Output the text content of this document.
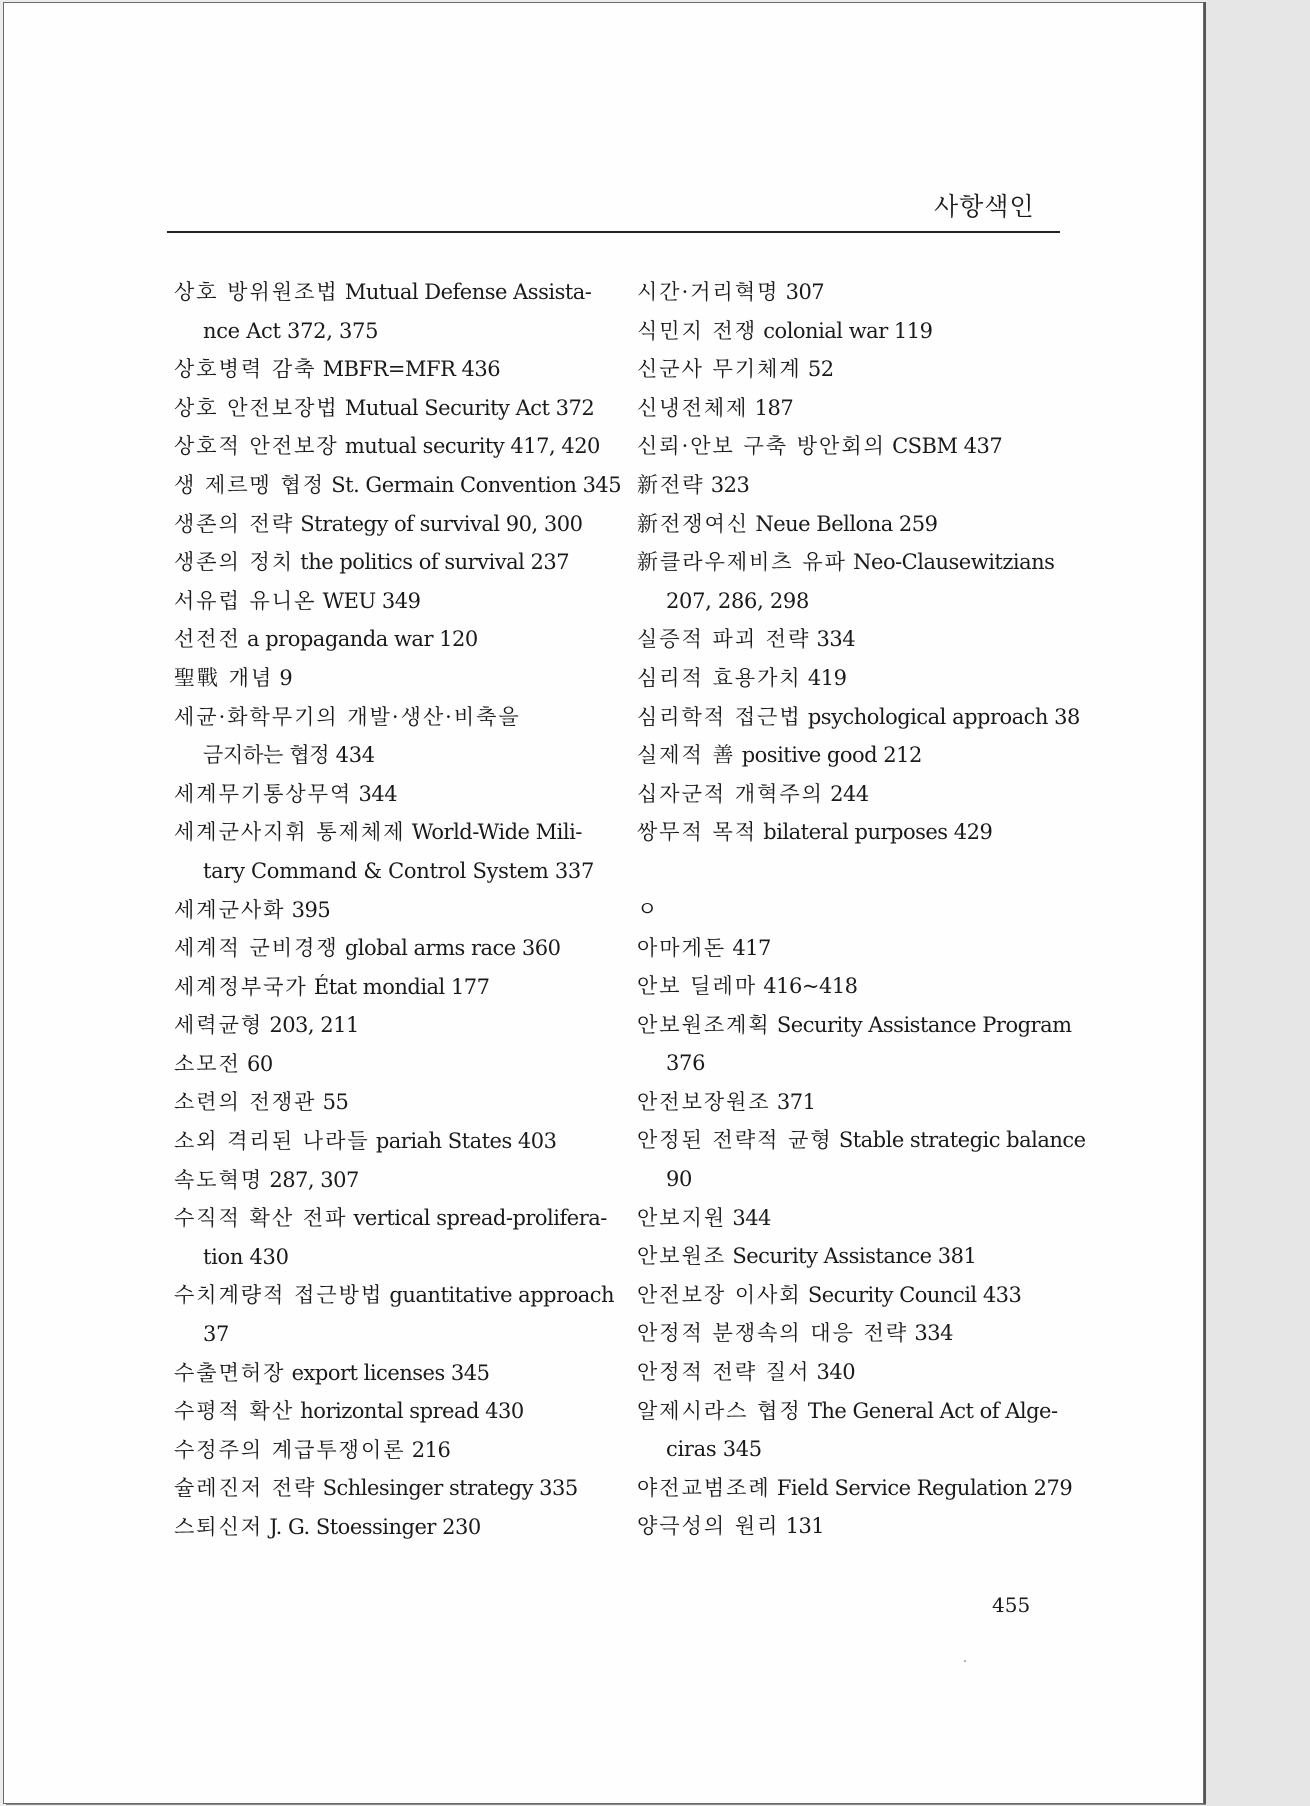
사항색인
상호 방위원조법 Mutual Defense Assista-
nce Act 372, 375
상호병력 감축 MBFR=MFR 436
상호 안전보장법 Mutual Security Act 372
상호적 안전보장 mutual security 417, 420
생 제르멩 협정 St. Germain Convention 345
생존의 전략 Strategy of survival 90, 300
생존의 정치 the politics of survival 237
서유럽 유니온 WEU 349
선전전 a propaganda war 120
聖戰 개념 9
세균·화학무기의 개발·생산·비축을
금지하는 협정 434
세계무기통상무역 344
세계군사지휘 통제체제 World-Wide Mili-
tary Command & Control System 337
세계군사화 395
세계적 군비경쟁 global arms race 360
세계정부국가 État mondial 177
세력균형 203, 211
소모전 60
소련의 전쟁관 55
소외 격리된 나라들 pariah States 403
속도혁명 287, 307
수직적 확산 전파 vertical spread-prolifera-
tion 430
수치계량적 접근방법 guantitative approach
37
수출면허장 export licenses 345
수평적 확산 horizontal spread 430
수정주의 계급투쟁이론 216
슐레진저 전략 Schlesinger strategy 335
스퇴신저 J. G. Stoessinger 230
시간·거리혁명 307
식민지 전쟁 colonial war 119
신군사 무기체계 52
신냉전체제 187
신뢰·안보 구축 방안회의 CSBM 437
新전략 323
新전쟁여신 Neue Bellona 259
新클라우제비츠 유파 Neo-Clausewitzians
207, 286, 298
실증적 파괴 전략 334
심리적 효용가치 419
심리학적 접근법 psychological approach 38
실제적 善 positive good 212
십자군적 개혁주의 244
쌍무적 목적 bilateral purposes 429
ㅇ
아마게돈 417
안보 딜레마 416~418
안보원조계획 Security Assistance Program
376
안전보장원조 371
안정된 전략적 균형 Stable strategic balance
90
안보지원 344
안보원조 Security Assistance 381
안전보장 이사회 Security Council 433
안정적 분쟁속의 대응 전략 334
안정적 전략 질서 340
알제시라스 협정 The General Act of Alge-
ciras 345
야전교범조례 Field Service Regulation 279
양극성의 원리 131
455
